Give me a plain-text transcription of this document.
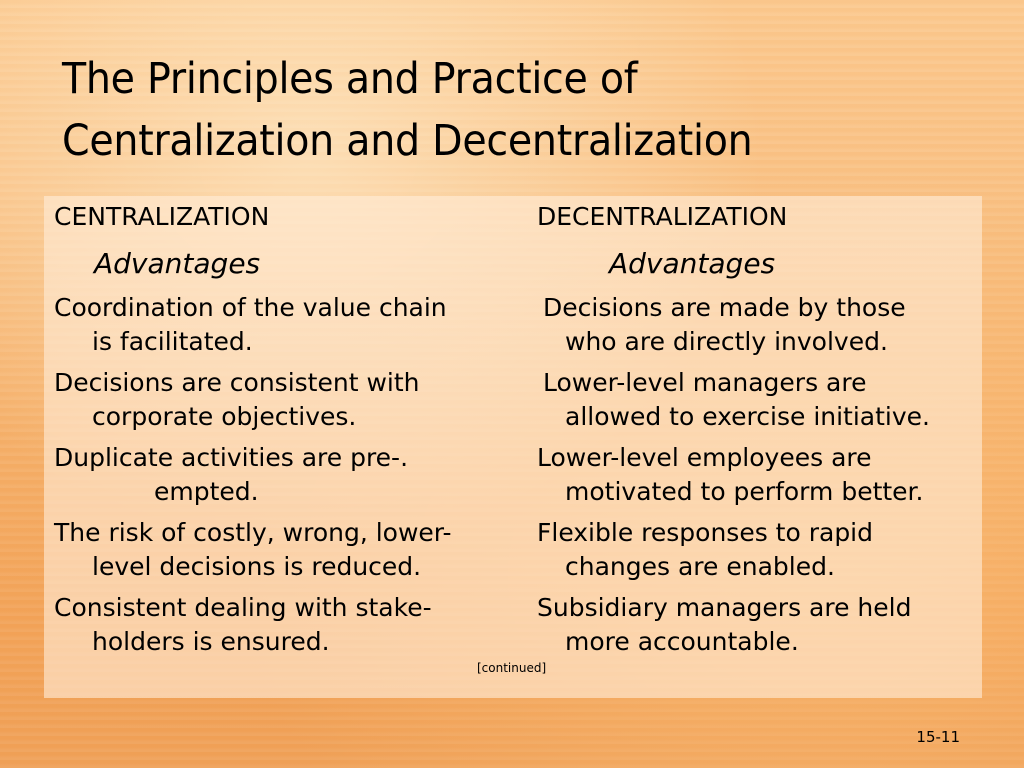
The Principles and Practice of
Centralization and Decentralization
CENTRALIZATION
Advantages
Coordination of the value chain
is facilitated.
Decisions are consistent with
corporate objectives.
Duplicate activities are pre-.
empted.
The risk of costly, wrong, lower-
level decisions is reduced.
Consistent dealing with stake-
holders is ensured.
DECENTRALIZATION
Advantages
Decisions are made by those
who are directly involved.
Lower-level managers are
allowed to exercise initiative.
Lower-level employees are
motivated to perform better.
Flexible responses to rapid
changes are enabled.
Subsidiary managers are held
more accountable.
[continued]
15-11
